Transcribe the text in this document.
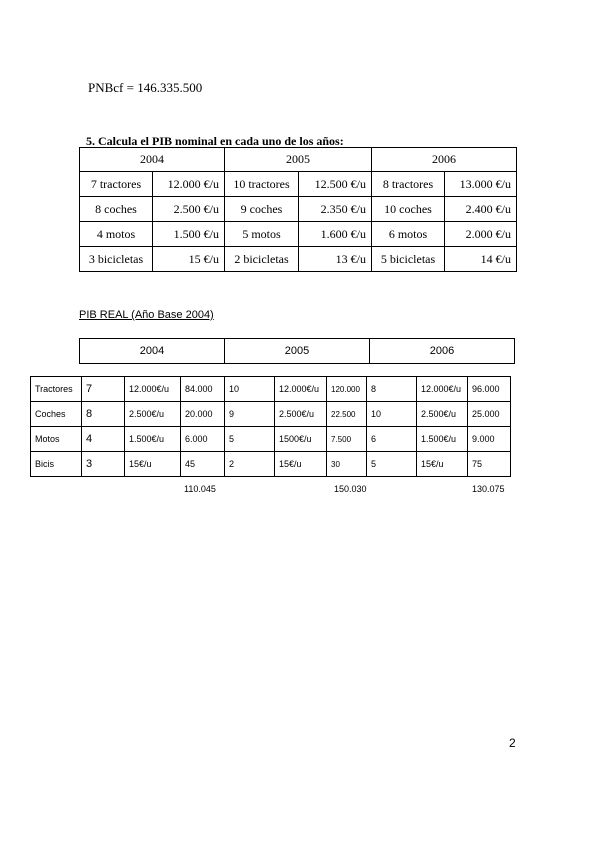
PNBcf = 146.335.500
5. Calcula el PIB nominal en cada uno de los años:
2004		2005		2006	
7 tractores	12.000 €/u	10 tractores	12.500 €/u	8 tractores	13.000 €/u
8 coches	2.500 €/u	9 coches	2.350 €/u	10 coches	2.400 €/u
4 motos	1.500 €/u	5 motos	1.600 €/u	6 motos	2.000 €/u
3 bicicletas	15 €/u	2 bicicletas	13 €/u	5 bicicletas	14 €/u
PIB REAL (Año Base 2004)
2004	2005	2006
Tractores	7	12.000€/u	84.000	10	12.000€/u	120.000	8	12.000€/u	96.000
Coches	8	2.500€/u	20.000	9	2.500€/u	22.500	10	2.500€/u	25.000
Motos	4	1.500€/u	6.000	5	1500€/u	7.500	6	1.500€/u	9.000
Bicis	3	15€/u	45	2	15€/u	30	5	15€/u	75
110.045	150.030	130.075
2
